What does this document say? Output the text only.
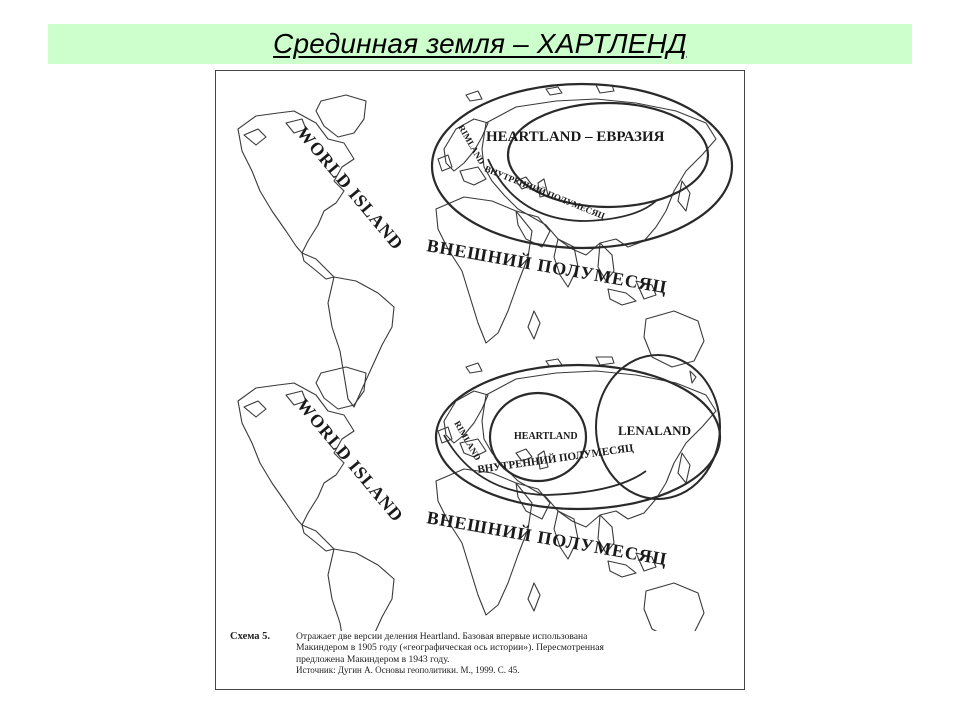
Срединная земля – ХАРТЛЕНД
HEARTLAND – ЕВРАЗИЯ
RIMLAND
ВНУТРЕННИЙ ПОЛУМЕСЯЦ
WORLD ISLAND
ВНЕШНИЙ ПОЛУМЕСЯЦ
HEARTLAND	LENALAND
RIMLAND
ВНУТРЕННИЙ ПОЛУМЕСЯЦ
WORLD ISLAND
ВНЕШНИЙ ПОЛУМЕСЯЦ
Схема 5.	Отражает две версии деления Heartland. Базовая впервые использована
Макиндером в 1905 году («географическая ось истории»). Пересмотренная
предложена Макиндером в 1943 году.
Источник: Дугин А. Основы геополитики. М., 1999. С. 45.
